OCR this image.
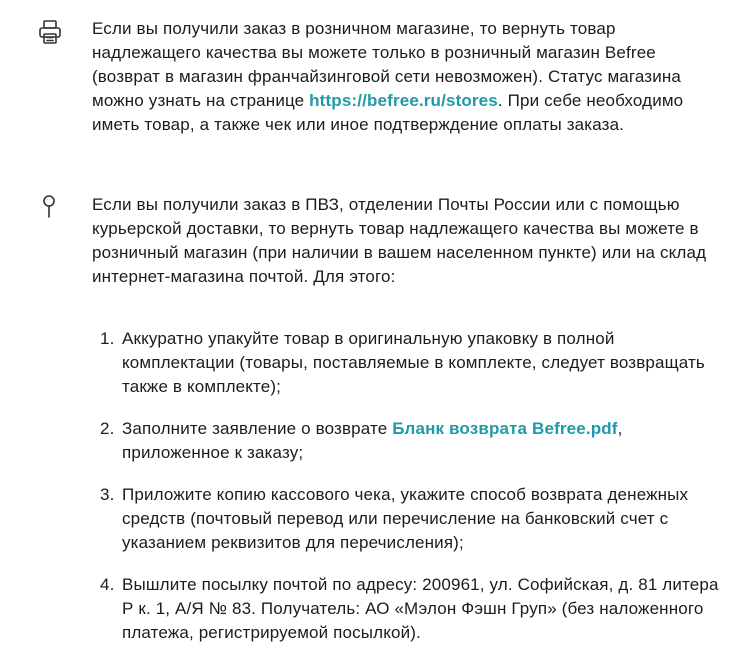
Если вы получили заказ в розничном магазине, то вернуть товар надлежащего качества вы можете только в розничный магазин Befree (возврат в магазин франчайзинговой сети невозможен). Статус магазина можно узнать на странице https://befree.ru/stores. При себе необходимо иметь товар, а также чек или иное подтверждение оплаты заказа.

Если вы получили заказ в ПВЗ, отделении Почты России или с помощью курьерской доставки, то вернуть товар надлежащего качества вы можете в розничный магазин (при наличии в вашем населенном пункте) или на склад интернет-магазина почтой. Для этого:

1. Аккуратно упакуйте товар в оригинальную упаковку в полной комплектации (товары, поставляемые в комплекте, следует возвращать также в комплекте);
2. Заполните заявление о возврате Бланк возврата Befree.pdf, приложенное к заказу;
3. Приложите копию кассового чека, укажите способ возврата денежных средств (почтовый перевод или перечисление на банковский счет с указанием реквизитов для перечисления);
4. Вышлите посылку почтой по адресу: 200961, ул. Софийская, д. 81 литера Р к. 1, А/Я № 83. Получатель: АО «Мэлон Фэшн Груп» (без наложенного платежа, регистрируемой посылкой).
